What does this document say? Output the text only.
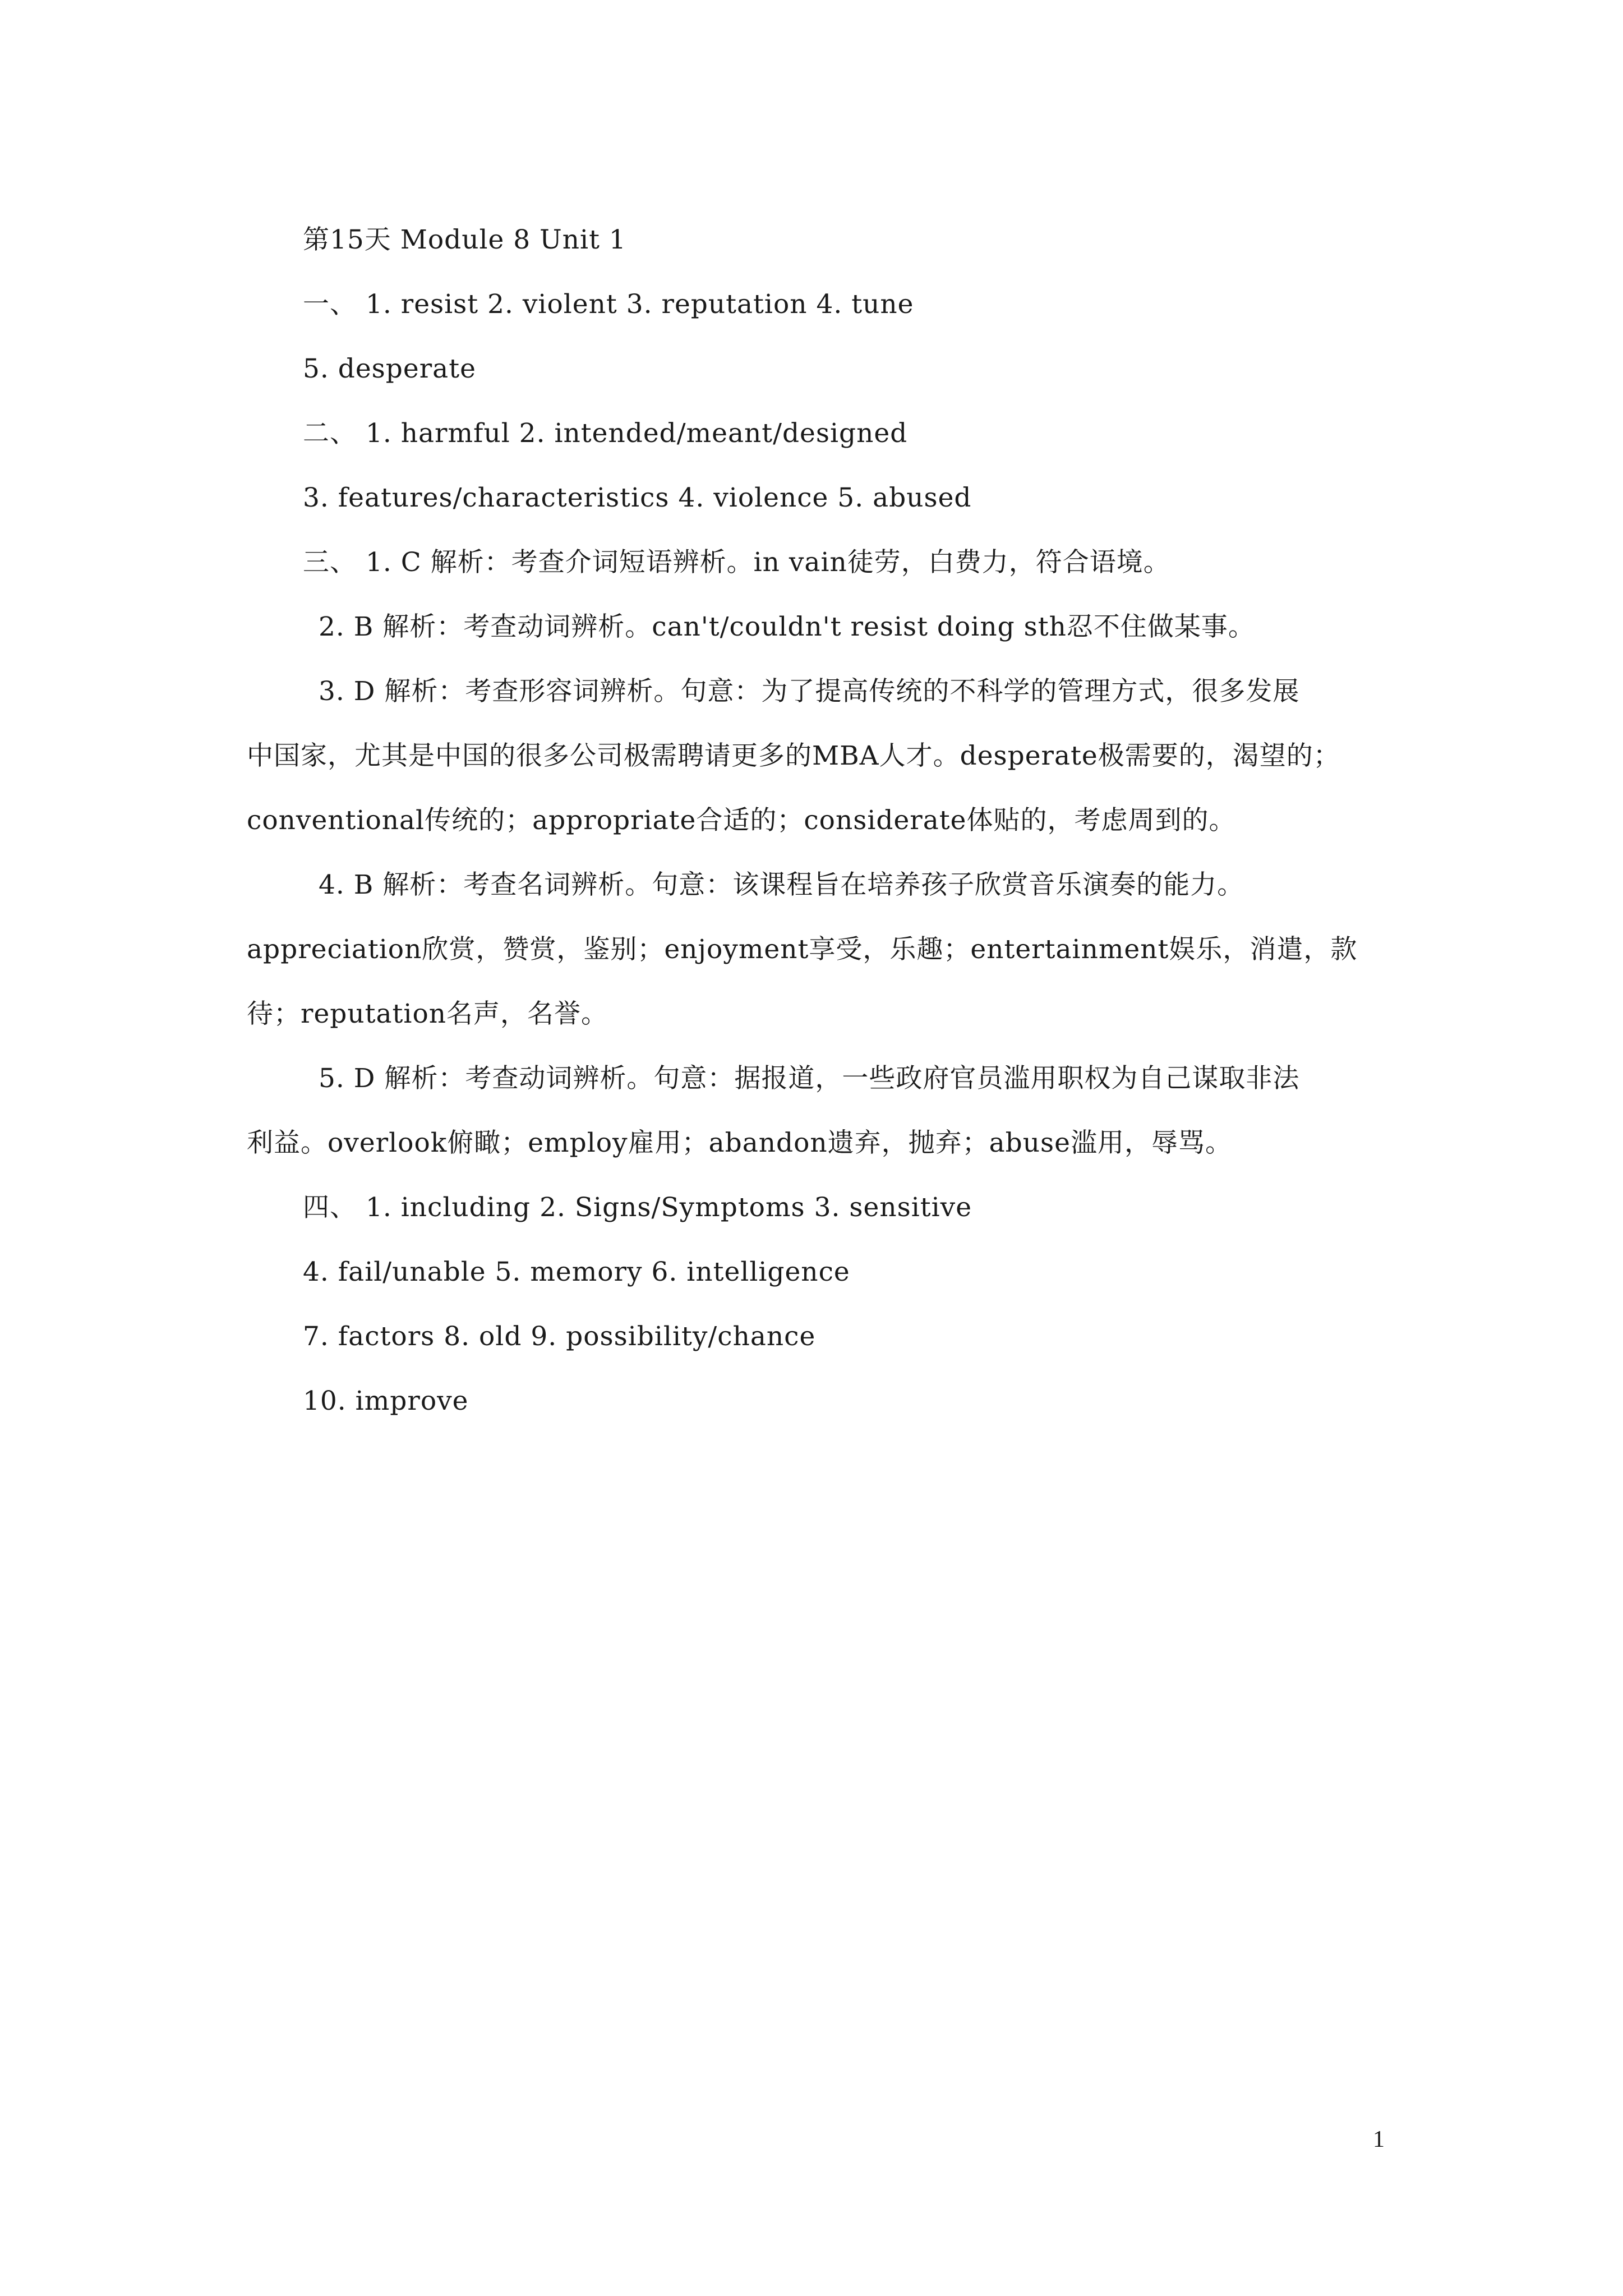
第15天 Module 8 Unit 1
一、 1. resist 2. violent 3. reputation 4. tune
5. desperate
二、 1. harmful 2. intended/meant/designed
3. features/characteristics 4. violence 5. abused
三、 1. C 解析：考查介词短语辨析。in vain徒劳，白费力，符合语境。
2. B 解析：考查动词辨析。can't/couldn't resist doing sth忍不住做某事。
3. D 解析：考查形容词辨析。句意：为了提高传统的不科学的管理方式，很多发展
中国家，尤其是中国的很多公司极需聘请更多的MBA人才。desperate极需要的，渴望的；
conventional传统的；appropriate合适的；considerate体贴的，考虑周到的。
4. B 解析：考查名词辨析。句意：该课程旨在培养孩子欣赏音乐演奏的能力。
appreciation欣赏，赞赏，鉴别；enjoyment享受，乐趣；entertainment娱乐，消遣，款
待；reputation名声，名誉。
5. D 解析：考查动词辨析。句意：据报道，一些政府官员滥用职权为自己谋取非法
利益。overlook俯瞰；employ雇用；abandon遗弃，抛弃；abuse滥用，辱骂。
四、 1. including 2. Signs/Symptoms 3. sensitive
4. fail/unable 5. memory 6. intelligence
7. factors 8. old 9. possibility/chance
10. improve
1
